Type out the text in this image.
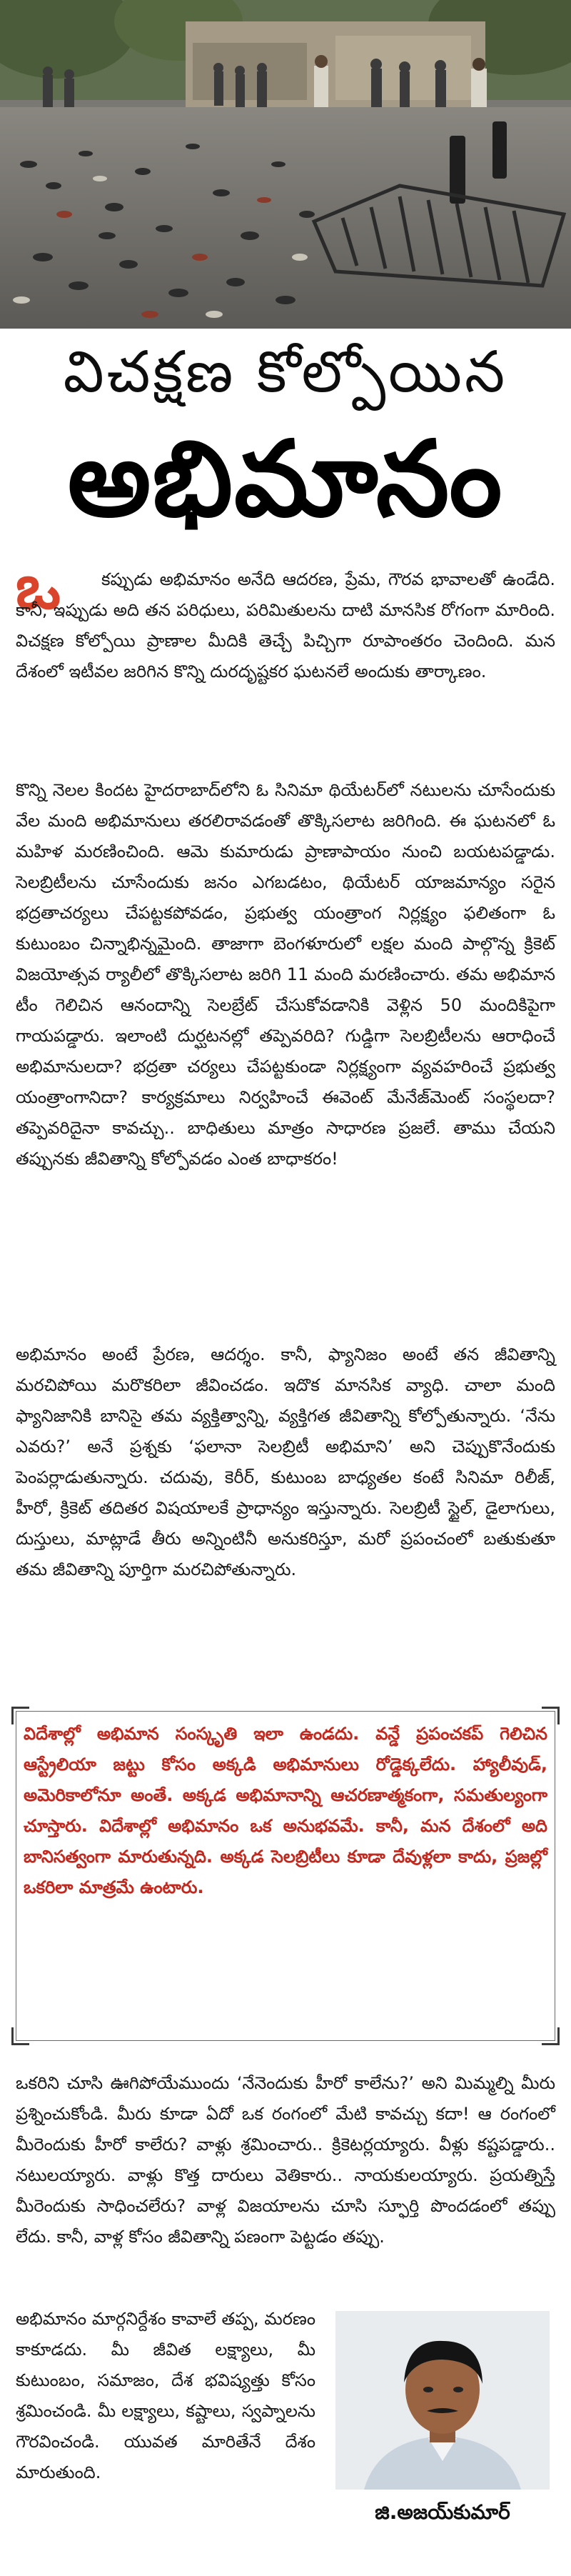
విచక్షణ కోల్పోయిన
అభిమానం
ఒ	కప్పుడు అభిమానం అనేది ఆదరణ, ప్రేమ, గౌరవ భావాలతో ఉండేది. కానీ, ఇప్పుడు అది తన పరిధులు, పరిమితులను దాటి మానసిక రోగంగా మారింది. విచక్షణ కోల్పోయి ప్రాణాల మీదికి తెచ్చే పిచ్చిగా రూపాంతరం చెందింది. మన దేశంలో ఇటీవల జరిగిన కొన్ని దురదృష్టకర ఘటనలే అందుకు తార్కాణం.
కొన్ని నెలల కిందట హైదరాబాద్‌లోని ఓ సినిమా థియేటర్‌లో నటులను చూసేందుకు వేల మంది అభిమానులు తరలిరావడంతో తొక్కిసలాట జరిగింది. ఈ ఘటనలో ఓ మహిళ మరణించింది. ఆమె కుమారుడు ప్రాణాపాయం నుంచి బయటపడ్డాడు. సెలబ్రిటీలను చూసేందుకు జనం ఎగబడటం, థియేటర్ యాజమాన్యం సరైన భద్రతాచర్యలు చేపట్టకపోవడం, ప్రభుత్వ యంత్రాంగ నిర్లక్ష్యం ఫలితంగా ఓ కుటుంబం చిన్నాభిన్నమైంది. తాజాగా బెంగళూరులో లక్షల మంది పాల్గొన్న క్రికెట్ విజయోత్సవ ర్యాలీలో తొక్కిసలాట జరిగి 11 మంది మరణించారు. తమ అభిమాన టీం గెలిచిన ఆనందాన్ని సెలబ్రేట్ చేసుకోవడానికి వెళ్లిన 50 మందికిపైగా గాయపడ్డారు. ఇలాంటి దుర్ఘటనల్లో తప్పెవరిది? గుడ్డిగా సెలబ్రిటీలను ఆరాధించే అభిమానులదా? భద్రతా చర్యలు చేపట్టకుండా నిర్లక్ష్యంగా వ్యవహరించే ప్రభుత్వ యంత్రాంగానిదా? కార్యక్రమాలు నిర్వహించే ఈవెంట్ మేనేజ్‌మెంట్ సంస్థలదా? తప్పెవరిదైనా కావచ్చు.. బాధితులు మాత్రం సాధారణ ప్రజలే. తాము చేయని తప్పునకు జీవితాన్ని కోల్పోవడం ఎంత బాధాకరం!
అభిమానం అంటే ప్రేరణ, ఆదర్శం. కానీ, ఫ్యానిజం అంటే తన జీవితాన్ని మరచిపోయి మరొకరిలా జీవించడం. ఇదొక మానసిక వ్యాధి. చాలా మంది ఫ్యానిజానికి బానిసై తమ వ్యక్తిత్వాన్ని, వ్యక్తిగత జీవితాన్ని కోల్పోతున్నారు. ‘నేను ఎవరు?’ అనే ప్రశ్నకు ‘ఫలానా సెలబ్రిటీ అభిమాని’ అని చెప్పుకొనేందుకు పెంపర్లాడుతున్నారు. చదువు, కెరీర్, కుటుంబ బాధ్యతల కంటే సినిమా రిలీజ్, హీరో, క్రికెట్ తదితర విషయాలకే ప్రాధాన్యం ఇస్తున్నారు. సెలబ్రిటీ స్టైల్, డైలాగులు, దుస్తులు, మాట్లాడే తీరు అన్నింటినీ అనుకరిస్తూ, మరో ప్రపంచంలో బతుకుతూ తమ జీవితాన్ని పూర్తిగా మరచిపోతున్నారు.
విదేశాల్లో అభిమాన సంస్కృతి ఇలా ఉండదు. వన్డే ప్రపంచకప్ గెలిచిన ఆస్ట్రేలియా జట్టు కోసం అక్కడి అభిమానులు రోడ్డెక్కలేదు. హ్యాలీవుడ్, అమెరికాలోనూ అంతే. అక్కడ అభిమానాన్ని ఆచరణాత్మకంగా, సమతుల్యంగా చూస్తారు. విదేశాల్లో అభిమానం ఒక అనుభవమే. కానీ, మన దేశంలో అది బానిసత్వంగా మారుతున్నది. అక్కడ సెలబ్రిటీలు కూడా దేవుళ్లలా కాదు, ప్రజల్లో ఒకరిలా మాత్రమే ఉంటారు.
ఒకరిని చూసి ఊగిపోయేముందు ‘నేనెందుకు హీరో కాలేను?’ అని మిమ్మల్ని మీరు ప్రశ్నించుకోండి. మీరు కూడా ఏదో ఒక రంగంలో మేటి కావచ్చు కదా! ఆ రంగంలో మీరెందుకు హీరో కాలేరు? వాళ్లు శ్రమించారు.. క్రికెటర్లయ్యారు. వీళ్లు కష్టపడ్డారు.. నటులయ్యారు. వాళ్లు కొత్త దారులు వెతికారు.. నాయకులయ్యారు. ప్రయత్నిస్తే మీరెందుకు సాధించలేరు? వాళ్ల విజయాలను చూసి స్ఫూర్తి పొందడంలో తప్పు లేదు. కానీ, వాళ్ల కోసం జీవితాన్ని పణంగా పెట్టడం తప్పు.
అభిమానం మార్గనిర్దేశం కావాలే తప్ప, మరణం కాకూడదు. మీ జీవిత లక్ష్యాలు, మీ కుటుంబం, సమాజం, దేశ భవిష్యత్తు కోసం శ్రమించండి. మీ లక్ష్యాలు, కష్టాలు, స్వప్నాలను గౌరవించండి. యువత మారితేనే దేశం మారుతుంది.
జి.అజయ్‌కుమార్
